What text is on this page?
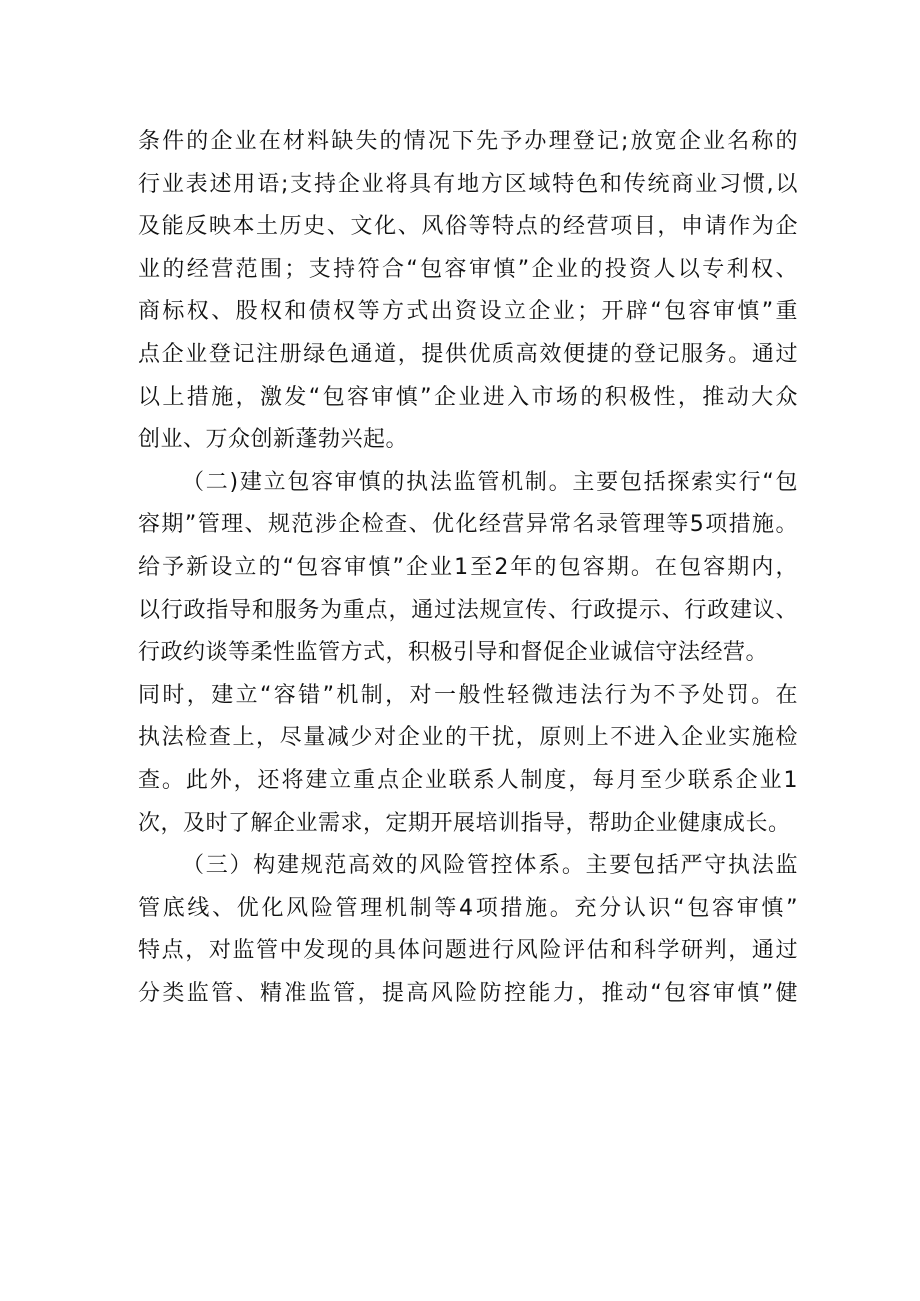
条件的企业在材料缺失的情况下先予办理登记;放宽企业名称的
行业表述用语;支持企业将具有地方区域特色和传统商业习惯,以
及能反映本土历史、文化、风俗等特点的经营项目，申请作为企
业的经营范围；支持符合“包容审慎”企业的投资人以专利权、
商标权、股权和债权等方式出资设立企业；开辟“包容审慎”重
点企业登记注册绿色通道，提供优质高效便捷的登记服务。通过
以上措施，激发“包容审慎”企业进入市场的积极性，推动大众
创业、万众创新蓬勃兴起。
（二)建立包容审慎的执法监管机制。主要包括探索实行“包
容期”管理、规范涉企检查、优化经营异常名录管理等5项措施。
给予新设立的“包容审慎”企业1至2年的包容期。在包容期内，
以行政指导和服务为重点，通过法规宣传、行政提示、行政建议、
行政约谈等柔性监管方式，积极引导和督促企业诚信守法经营。
同时，建立“容错”机制，对一般性轻微违法行为不予处罚。在
执法检查上，尽量减少对企业的干扰，原则上不进入企业实施检
查。此外，还将建立重点企业联系人制度，每月至少联系企业1
次，及时了解企业需求，定期开展培训指导，帮助企业健康成长。
（三）构建规范高效的风险管控体系。主要包括严守执法监
管底线、优化风险管理机制等4项措施。充分认识“包容审慎”
特点，对监管中发现的具体问题进行风险评估和科学研判，通过
分类监管、精准监管，提高风险防控能力，推动“包容审慎”健
